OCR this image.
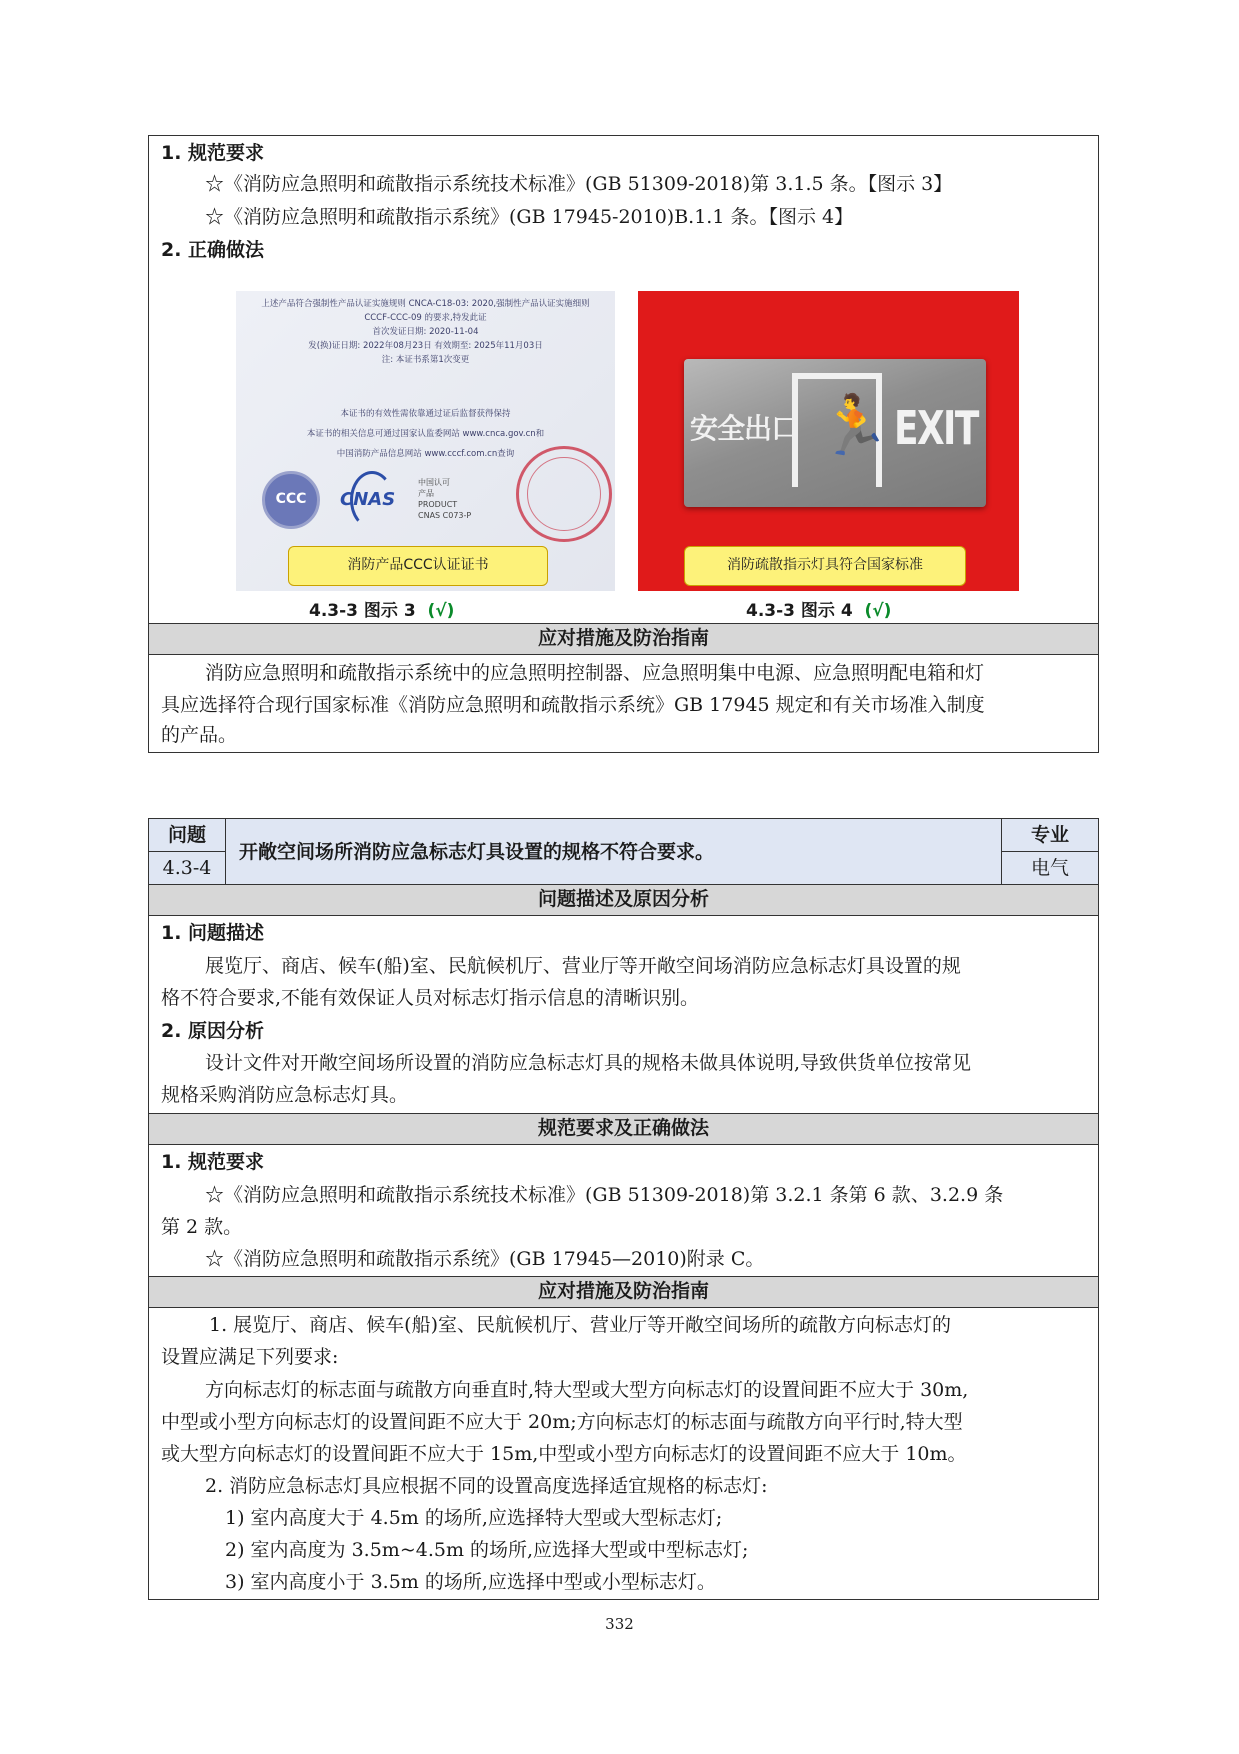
1. 规范要求
☆《消防应急照明和疏散指示系统技术标准》(GB 51309-2018)第 3.1.5 条。【图示 3】
☆《消防应急照明和疏散指示系统》(GB 17945-2010)B.1.1 条。【图示 4】
2. 正确做法
上述产品符合强制性产品认证实施规则 CNCA-C18-03: 2020,强制性产品认证实施细则
CCCF-CCC-09 的要求,特发此证
首次发证日期: 2020-11-04
发(换)证日期: 2022年08月23日 有效期至: 2025年11月03日
注: 本证书系第1次变更
本证书的有效性需依靠通过证后监督获得保持
本证书的相关信息可通过国家认监委网站 www.cnca.gov.cn和
中国消防产品信息网站 www.cccf.com.cn查询
CCC	CNAS
中国认可
产品
PRODUCT
CNAS C073-P
消防产品CCC认证证书
安全出口 🏃 EXIT
消防疏散指示灯具符合国家标准
4.3-3 图示 3 (√)	4.3-3 图示 4 (√)
应对措施及防治指南
消防应急照明和疏散指示系统中的应急照明控制器、应急照明集中电源、应急照明配电箱和灯
具应选择符合现行国家标准《消防应急照明和疏散指示系统》GB 17945 规定和有关市场准入制度
的产品。
问题
4.3-4
开敞空间场所消防应急标志灯具设置的规格不符合要求。
专业
电气
问题描述及原因分析
1. 问题描述
展览厅、商店、候车(船)室、民航候机厅、营业厅等开敞空间场消防应急标志灯具设置的规
格不符合要求,不能有效保证人员对标志灯指示信息的清晰识别。
2. 原因分析
设计文件对开敞空间场所设置的消防应急标志灯具的规格未做具体说明,导致供货单位按常见
规格采购消防应急标志灯具。
规范要求及正确做法
1. 规范要求
☆《消防应急照明和疏散指示系统技术标准》(GB 51309-2018)第 3.2.1 条第 6 款、3.2.9 条
第 2 款。
☆《消防应急照明和疏散指示系统》(GB 17945—2010)附录 C。
应对措施及防治指南
1. 展览厅、商店、候车(船)室、民航候机厅、营业厅等开敞空间场所的疏散方向标志灯的
设置应满足下列要求:
方向标志灯的标志面与疏散方向垂直时,特大型或大型方向标志灯的设置间距不应大于 30m,
中型或小型方向标志灯的设置间距不应大于 20m;方向标志灯的标志面与疏散方向平行时,特大型
或大型方向标志灯的设置间距不应大于 15m,中型或小型方向标志灯的设置间距不应大于 10m。
2. 消防应急标志灯具应根据不同的设置高度选择适宜规格的标志灯:
1) 室内高度大于 4.5m 的场所,应选择特大型或大型标志灯;
2) 室内高度为 3.5m~4.5m 的场所,应选择大型或中型标志灯;
3) 室内高度小于 3.5m 的场所,应选择中型或小型标志灯。
332
